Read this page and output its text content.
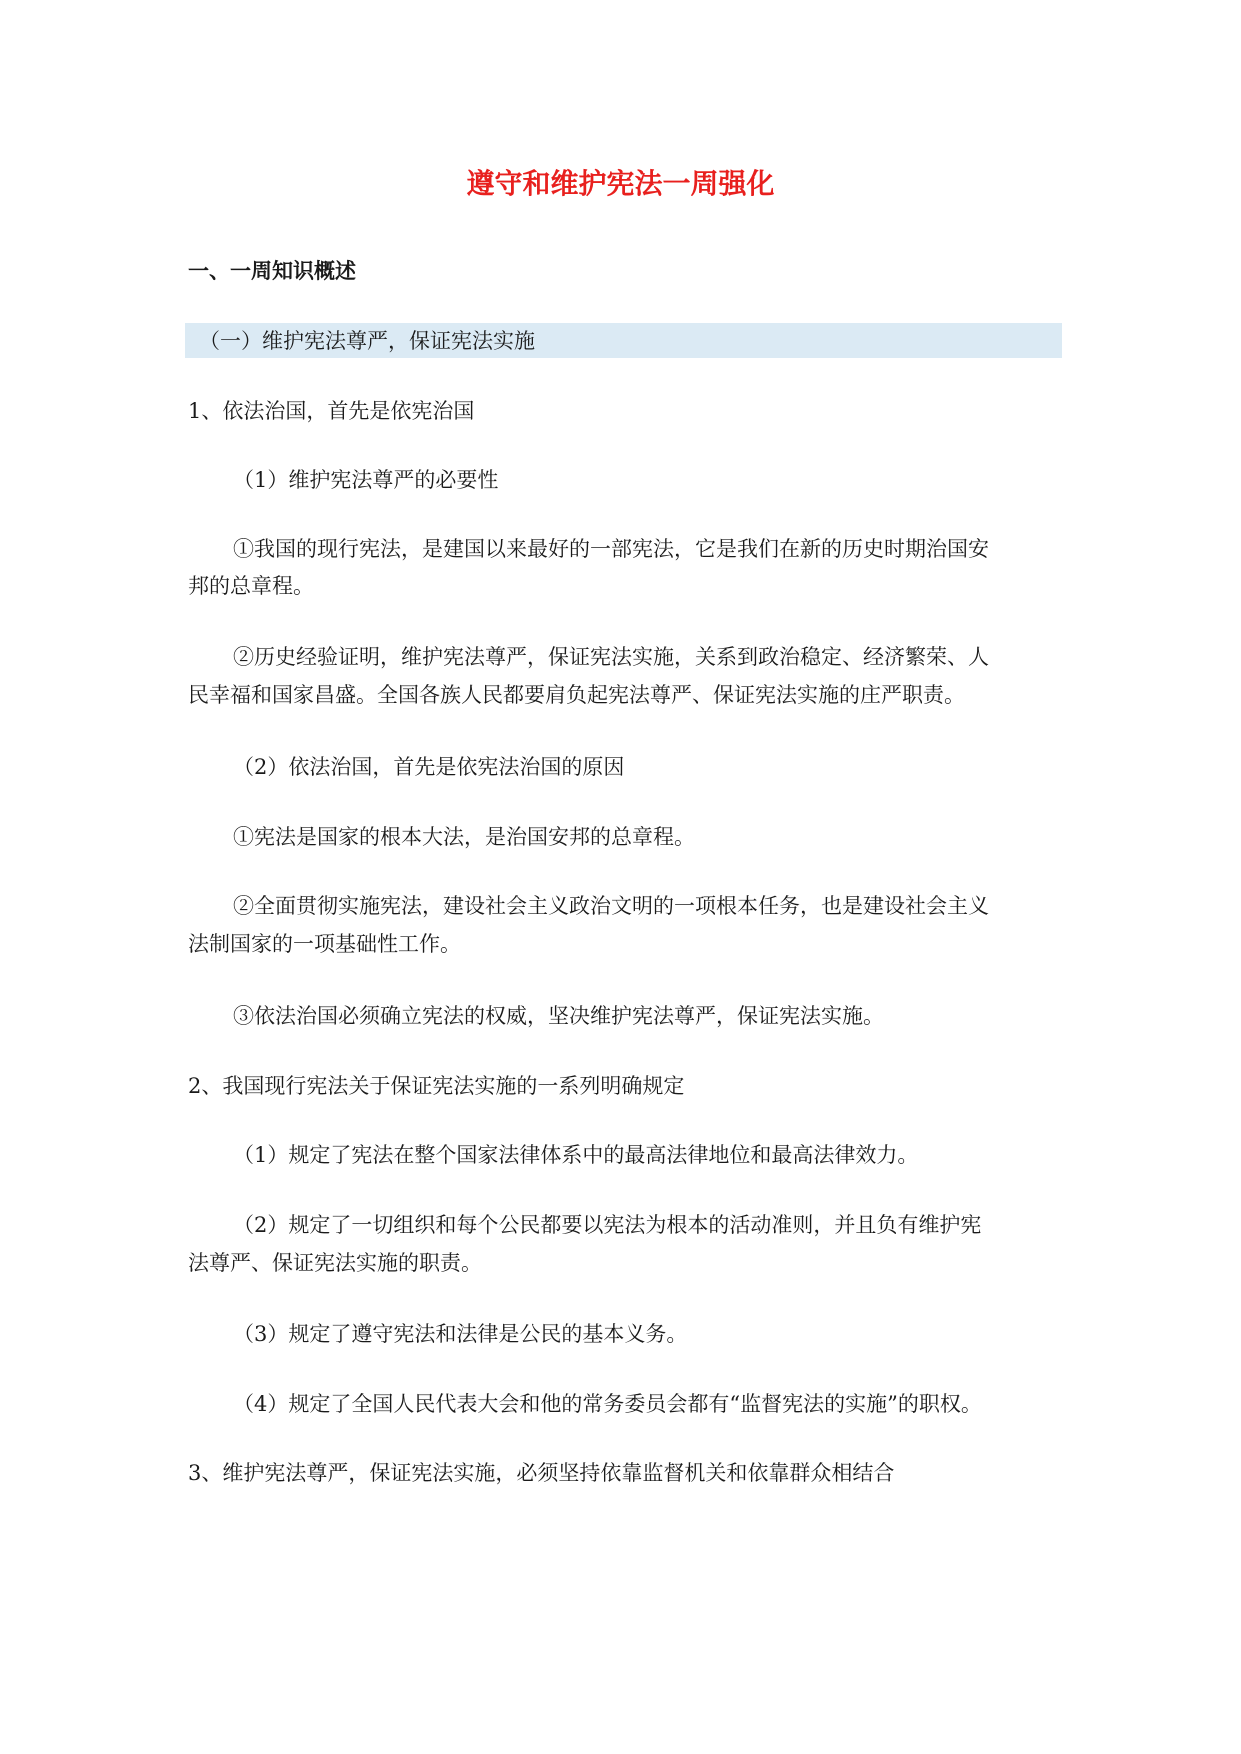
遵守和维护宪法一周强化
一、一周知识概述
（一）维护宪法尊严，保证宪法实施
1、依法治国，首先是依宪治国
（1）维护宪法尊严的必要性
①我国的现行宪法，是建国以来最好的一部宪法，它是我们在新的历史时期治国安
邦的总章程。
②历史经验证明，维护宪法尊严，保证宪法实施，关系到政治稳定、经济繁荣、人
民幸福和国家昌盛。全国各族人民都要肩负起宪法尊严、保证宪法实施的庄严职责。
（2）依法治国，首先是依宪法治国的原因
①宪法是国家的根本大法，是治国安邦的总章程。
②全面贯彻实施宪法，建设社会主义政治文明的一项根本任务，也是建设社会主义
法制国家的一项基础性工作。
③依法治国必须确立宪法的权威，坚决维护宪法尊严，保证宪法实施。
2、我国现行宪法关于保证宪法实施的一系列明确规定
（1）规定了宪法在整个国家法律体系中的最高法律地位和最高法律效力。
（2）规定了一切组织和每个公民都要以宪法为根本的活动准则，并且负有维护宪
法尊严、保证宪法实施的职责。
（3）规定了遵守宪法和法律是公民的基本义务。
（4）规定了全国人民代表大会和他的常务委员会都有“监督宪法的实施”的职权。
3、维护宪法尊严，保证宪法实施，必须坚持依靠监督机关和依靠群众相结合
